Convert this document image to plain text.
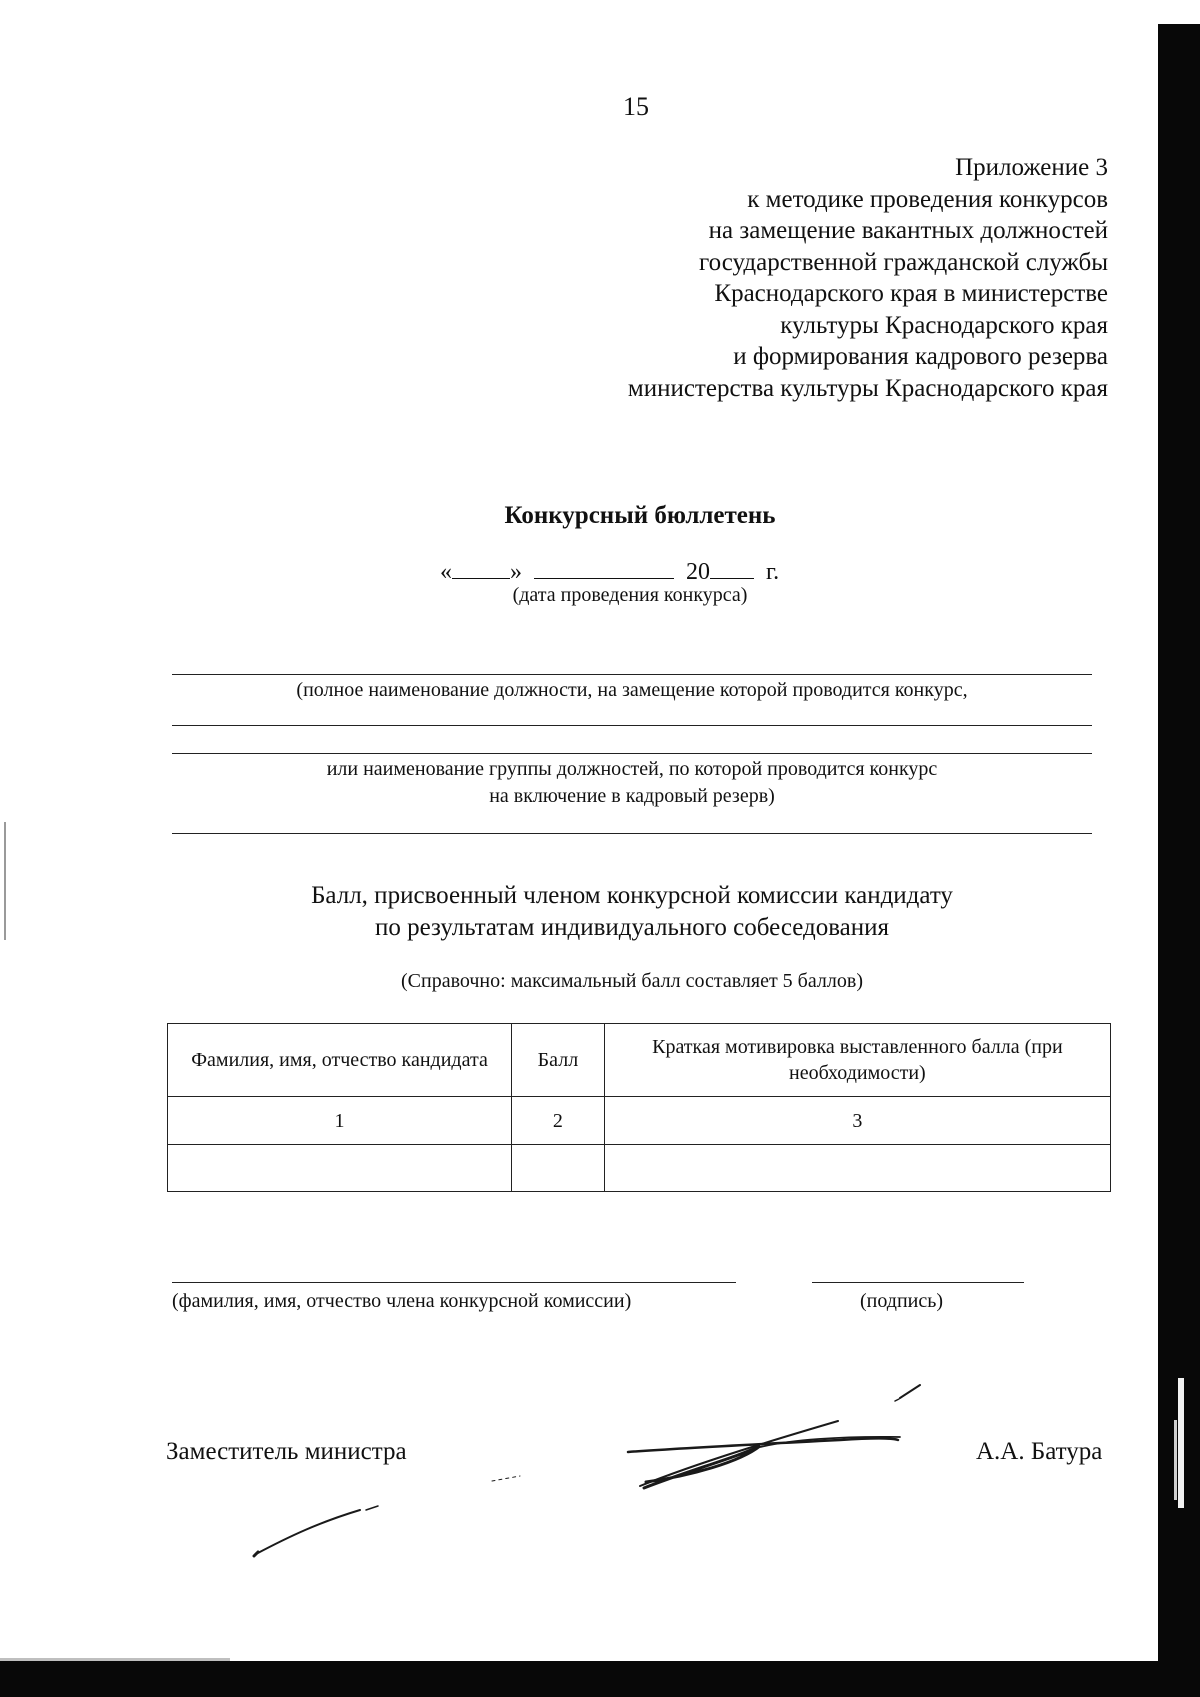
15
Приложение 3
к методике проведения конкурсов
на замещение вакантных должностей
государственной гражданской службы
Краснодарского края в министерстве
культуры Краснодарского края
и формирования кадрового резерва
министерства культуры Краснодарского края
Конкурсный бюллетень
« »	20 г.
(дата проведения конкурса)
(полное наименование должности, на замещение которой проводится конкурс,
или наименование группы должностей, по которой проводится конкурс
на включение в кадровый резерв)
Балл, присвоенный членом конкурсной комиссии кандидату
по результатам индивидуального собеседования
(Справочно: максимальный балл составляет 5 баллов)
Фамилия, имя, отчество кандидата	Балл	Краткая мотивировка выставленного балла (при необходимости)
1	2	3

(фамилия, имя, отчество члена конкурсной комиссии)	(подпись)
Заместитель министра	А.А. Батура
